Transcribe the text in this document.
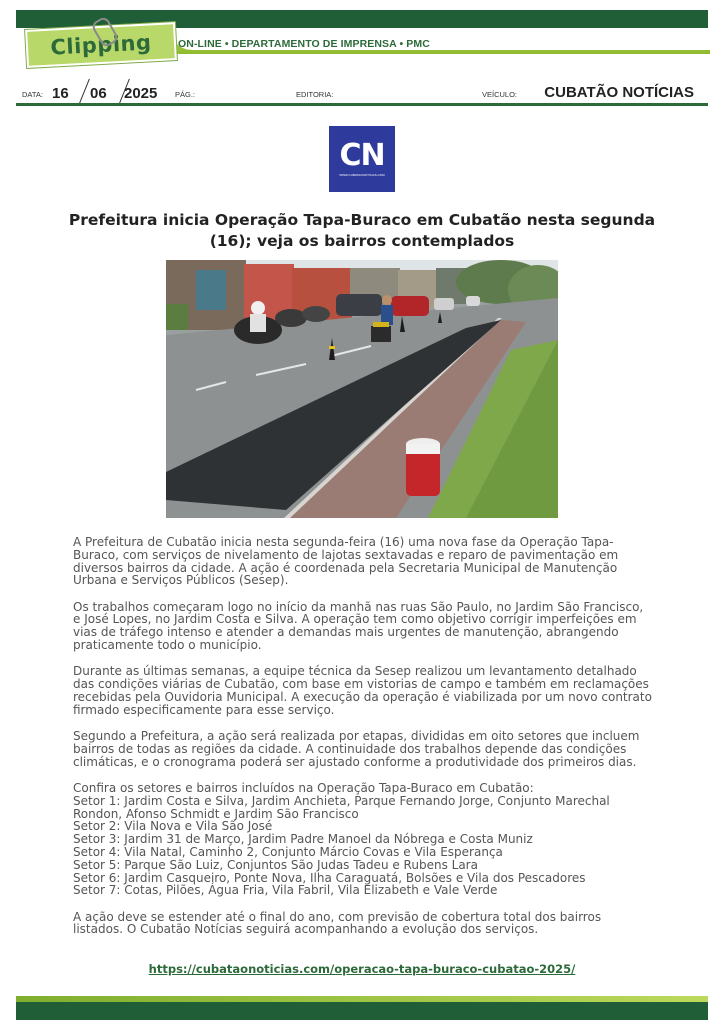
Clipping ON-LINE • DEPARTAMENTO DE IMPRENSA • PMC
DATA: 16 06 2025 PÁG.:	EDITORIA:	VEÍCULO: CUBATÃO NOTÍCIAS
CN
WWW.CUBATAONOTICIAS.COM
Prefeitura inicia Operação Tapa-Buraco em Cubatão nesta segunda (16); veja os bairros contemplados

A Prefeitura de Cubatão inicia nesta segunda-feira (16) uma nova fase da Operação Tapa-Buraco, com serviços de nivelamento de lajotas sextavadas e reparo de pavimentação em diversos bairros da cidade. A ação é coordenada pela Secretaria Municipal de Manutenção Urbana e Serviços Públicos (Sesep).

Os trabalhos começaram logo no início da manhã nas ruas São Paulo, no Jardim São Francisco, e José Lopes, no Jardim Costa e Silva. A operação tem como objetivo corrigir imperfeições em vias de tráfego intenso e atender a demandas mais urgentes de manutenção, abrangendo praticamente todo o município.

Durante as últimas semanas, a equipe técnica da Sesep realizou um levantamento detalhado das condições viárias de Cubatão, com base em vistorias de campo e também em reclamações recebidas pela Ouvidoria Municipal. A execução da operação é viabilizada por um novo contrato firmado especificamente para esse serviço.

Segundo a Prefeitura, a ação será realizada por etapas, divididas em oito setores que incluem bairros de todas as regiões da cidade. A continuidade dos trabalhos depende das condições climáticas, e o cronograma poderá ser ajustado conforme a produtividade dos primeiros dias.

Confira os setores e bairros incluídos na Operação Tapa-Buraco em Cubatão:
Setor 1: Jardim Costa e Silva, Jardim Anchieta, Parque Fernando Jorge, Conjunto Marechal Rondon, Afonso Schmidt e Jardim São Francisco
Setor 2: Vila Nova e Vila São José
Setor 3: Jardim 31 de Março, Jardim Padre Manoel da Nóbrega e Costa Muniz
Setor 4: Vila Natal, Caminho 2, Conjunto Márcio Covas e Vila Esperança
Setor 5: Parque São Luiz, Conjuntos São Judas Tadeu e Rubens Lara
Setor 6: Jardim Casqueiro, Ponte Nova, Ilha Caraguatá, Bolsões e Vila dos Pescadores
Setor 7: Cotas, Pilões, Água Fria, Vila Fabril, Vila Elizabeth e Vale Verde

A ação deve se estender até o final do ano, com previsão de cobertura total dos bairros listados. O Cubatão Notícias seguirá acompanhando a evolução dos serviços.

https://cubataonoticias.com/operacao-tapa-buraco-cubatao-2025/
